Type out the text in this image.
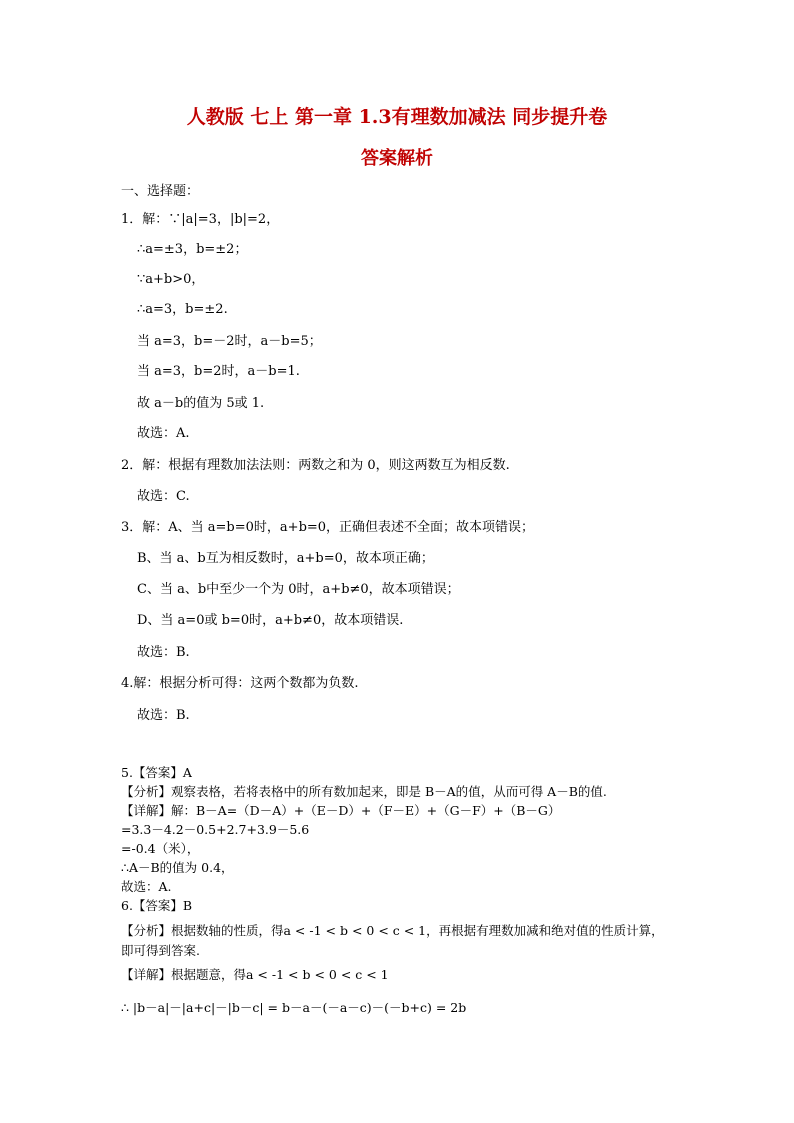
人教版 七上 第一章 1.3有理数加减法 同步提升卷
答案解析
一、选择题：
1．解：∵|a|=3，|b|=2，
∴a=±3，b=±2；
∵a+b>0，
∴a=3，b=±2.
当 a=3，b=－2时，a－b=5；
当 a=3，b=2时，a－b=1.
故 a－b的值为 5或 1.
故选：A.
2．解：根据有理数加法法则：两数之和为 0，则这两数互为相反数.
故选：C.
3．解：A、当 a=b=0时，a+b=0，正确但表述不全面；故本项错误；
B、当 a、b互为相反数时，a+b=0，故本项正确；
C、当 a、b中至少一个为 0时，a+b≠0，故本项错误；
D、当 a=0或 b=0时，a+b≠0，故本项错误.
故选：B.
4.解：根据分析可得：这两个数都为负数.
故选：B.
5.【答案】A
【分析】观察表格，若将表格中的所有数加起来，即是 B－A的值，从而可得 A－B的值.
【详解】解：B－A=（D－A）+（E－D）+（F－E）+（G－F）+（B－G）
=3.3－4.2－0.5+2.7+3.9－5.6
=-0.4（米），
∴A－B的值为 0.4，
故选：A.
6.【答案】B
【分析】根据数轴的性质，得a < -1 < b < 0 < c < 1，再根据有理数加减和绝对值的性质计算，
即可得到答案.
【详解】根据题意，得a < -1 < b < 0 < c < 1
∴ |b－a|－|a+c|－|b－c| = b－a－(－a－c)－(－b+c) = 2b
